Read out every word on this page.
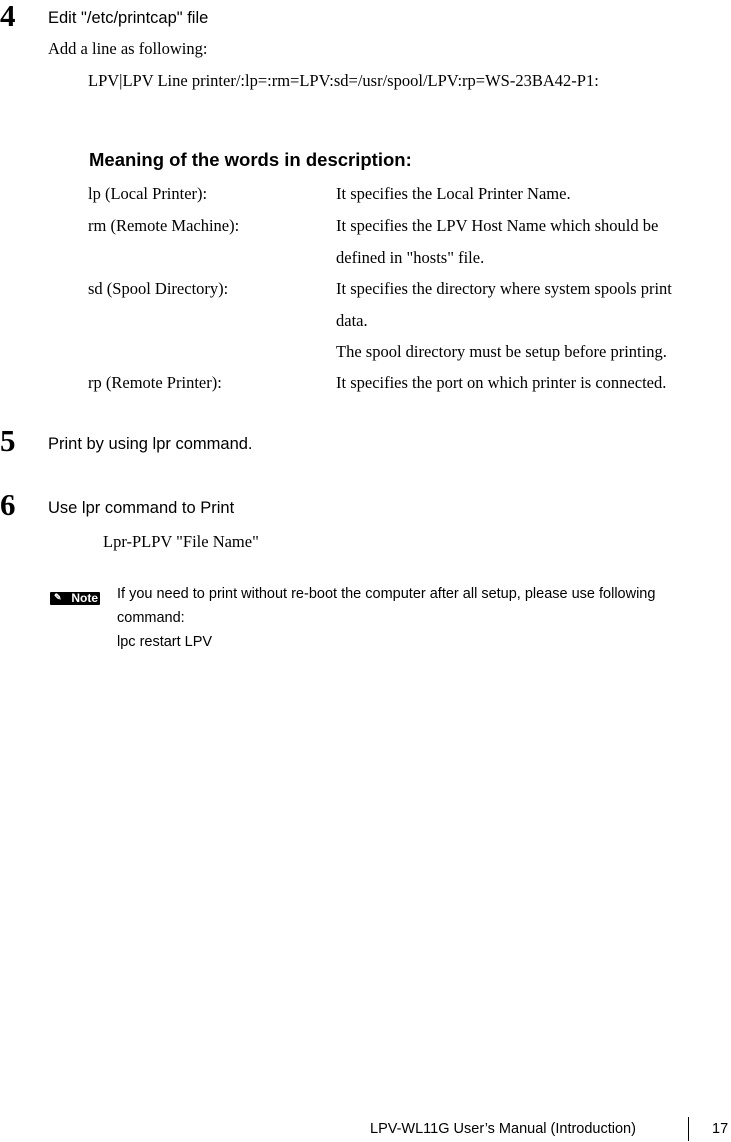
4 Edit "/etc/printcap" file
Add a line as following:
LPV|LPV Line printer/:lp=:rm=LPV:sd=/usr/spool/LPV:rp=WS-23BA42-P1:
Meaning of the words in description:
lp (Local Printer):	It specifies the Local Printer Name.
rm (Remote Machine):	It specifies the LPV Host Name which should be
defined in "hosts" file.
sd (Spool Directory):	It specifies the directory where system spools print
data.
The spool directory must be setup before printing.
rp (Remote Printer):	It specifies the port on which printer is connected.
5 Print by using lpr command.
6 Use lpr command to Print
Lpr-PLPV "File Name"
✎ Note If you need to print without re-boot the computer after all setup, please use following
command:
lpc restart LPV
LPV-WL11G User’s Manual (Introduction)	17
